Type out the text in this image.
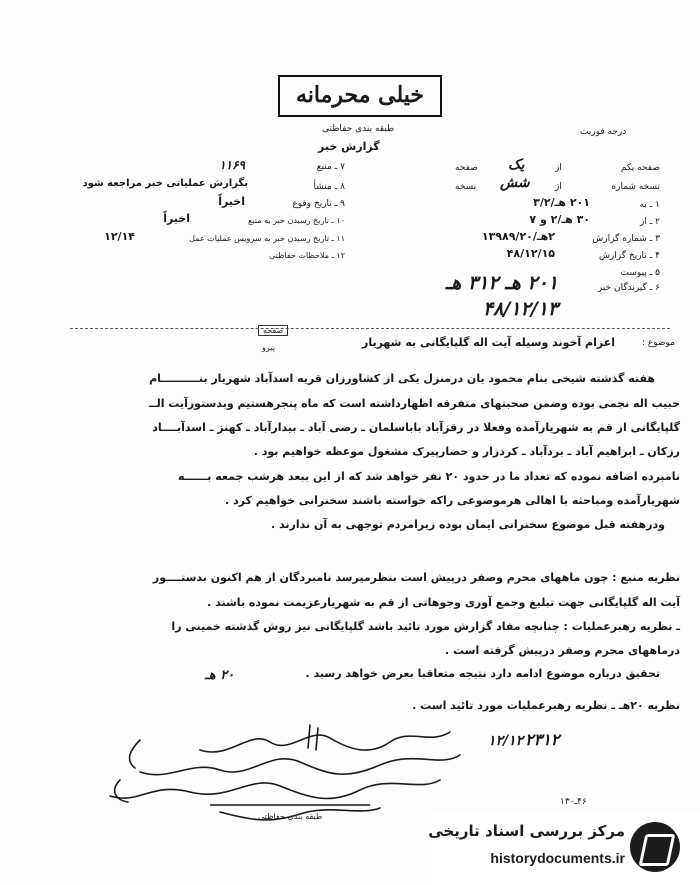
خیلی محرمانه
درجه فوریت
طبقه بندی حفاظتی
گزارش خبر
۷ ـ منبع
۱۱۶۹
۸ ـ منشأ
بگزارش عملیاتی خبر مراجعه شود
۹ ـ تاریخ وقوع
اخیراً
۱۰ ـ تاریخ رسیدن خبر به منبع
اخیراً
۱۱ ـ تاریخ رسیدن خبر به سرویس عملیات عمل
۱۲/۱۴
۱۲ ـ ملاحظات حفاظتی
صفحه یکم
از
یک
صفحه
نسخه شماره
از
شش
نسخه
۱ ـ به
۲۰۱ هـ/۳/۲
۲ ـ از
۳۰ هـ/۲ و ۷
۳ ـ شماره گزارش
۲هـ/۱۳۹۸۹/۲۰
۴ ـ تاریخ گزارش
۴۸/۱۲/۱۵
۵ ـ پیوست
۶ ـ گیرندگان خبر
۲۰۱ هـ ۳۱۲ هـ
۴۸/۱۲/۱۳
صفحه
پیرو	موضوع :
اعزام آخوند وسیله آیت اله گلپایگانی به شهریار
هفته گذشته شیخی بنام محمود یان درمنزل یکی از کشاورزان قریه اسدآباد شهریار بنــــــــــام
حبیب اله نجمی بوده وضمن صحبتهای متفرقه اظهارداشته است که ماه پنجرهستیم وبدستورآیت الــ
گلپایگانی از قم به شهریارآمده وفعلا در رقزآباد باباسلمان ـ رضی آباد ـ بیدارآباد ـ کهنز ـ اسدآبــــاد
رزکان ـ ابراهیم آباد ـ بردآباد ـ کردزار و حضارپیرک مشغول موعظه خواهیم بود .
نامبرده اضافه نموده که تعداد ما در حدود ۲۰ نفر خواهد شد که از این ببعد هرشب جمعه بــــــه
شهریارآمده ومباحثه با اهالی هرموضوعی راکه خواسته باشند سخنرانی خواهیم کرد .
ودرهفته قبل موضوع سخنرانی ایمان بوده زیرامردم توجهی به آن ندارند .
نظریه منبع : چون ماههای محرم وصفر درپیش است بنظرمیرسد نامبردگان از هم اکنون بدستــــور
آیت اله گلپایگانی جهت تبلیغ وجمع آوری وجوهاتی از قم به شهریارعزیمت نموده باشند .
ـ نظریه رهبرعملیات : چنانچه مفاد گزارش مورد تائید باشد گلپایگانی نیز روش گذشته خمینی را
درماههای محرم وصفر درپیش گرفته است .
تحقیق درباره موضوع ادامه دارد نتیجه متعاقبا بعرض خواهد رسید .
نظریه ۲۰هـ ـ نظریه رهبرعملیات مورد تائید است .
۲۳۱۲
۱۲/۱۲
۲۰ هـ
۴۶ـ۱۳۰
طبقه بندی حفاظتی
مرکز بررسی اسناد تاریخی
historydocuments.ir
